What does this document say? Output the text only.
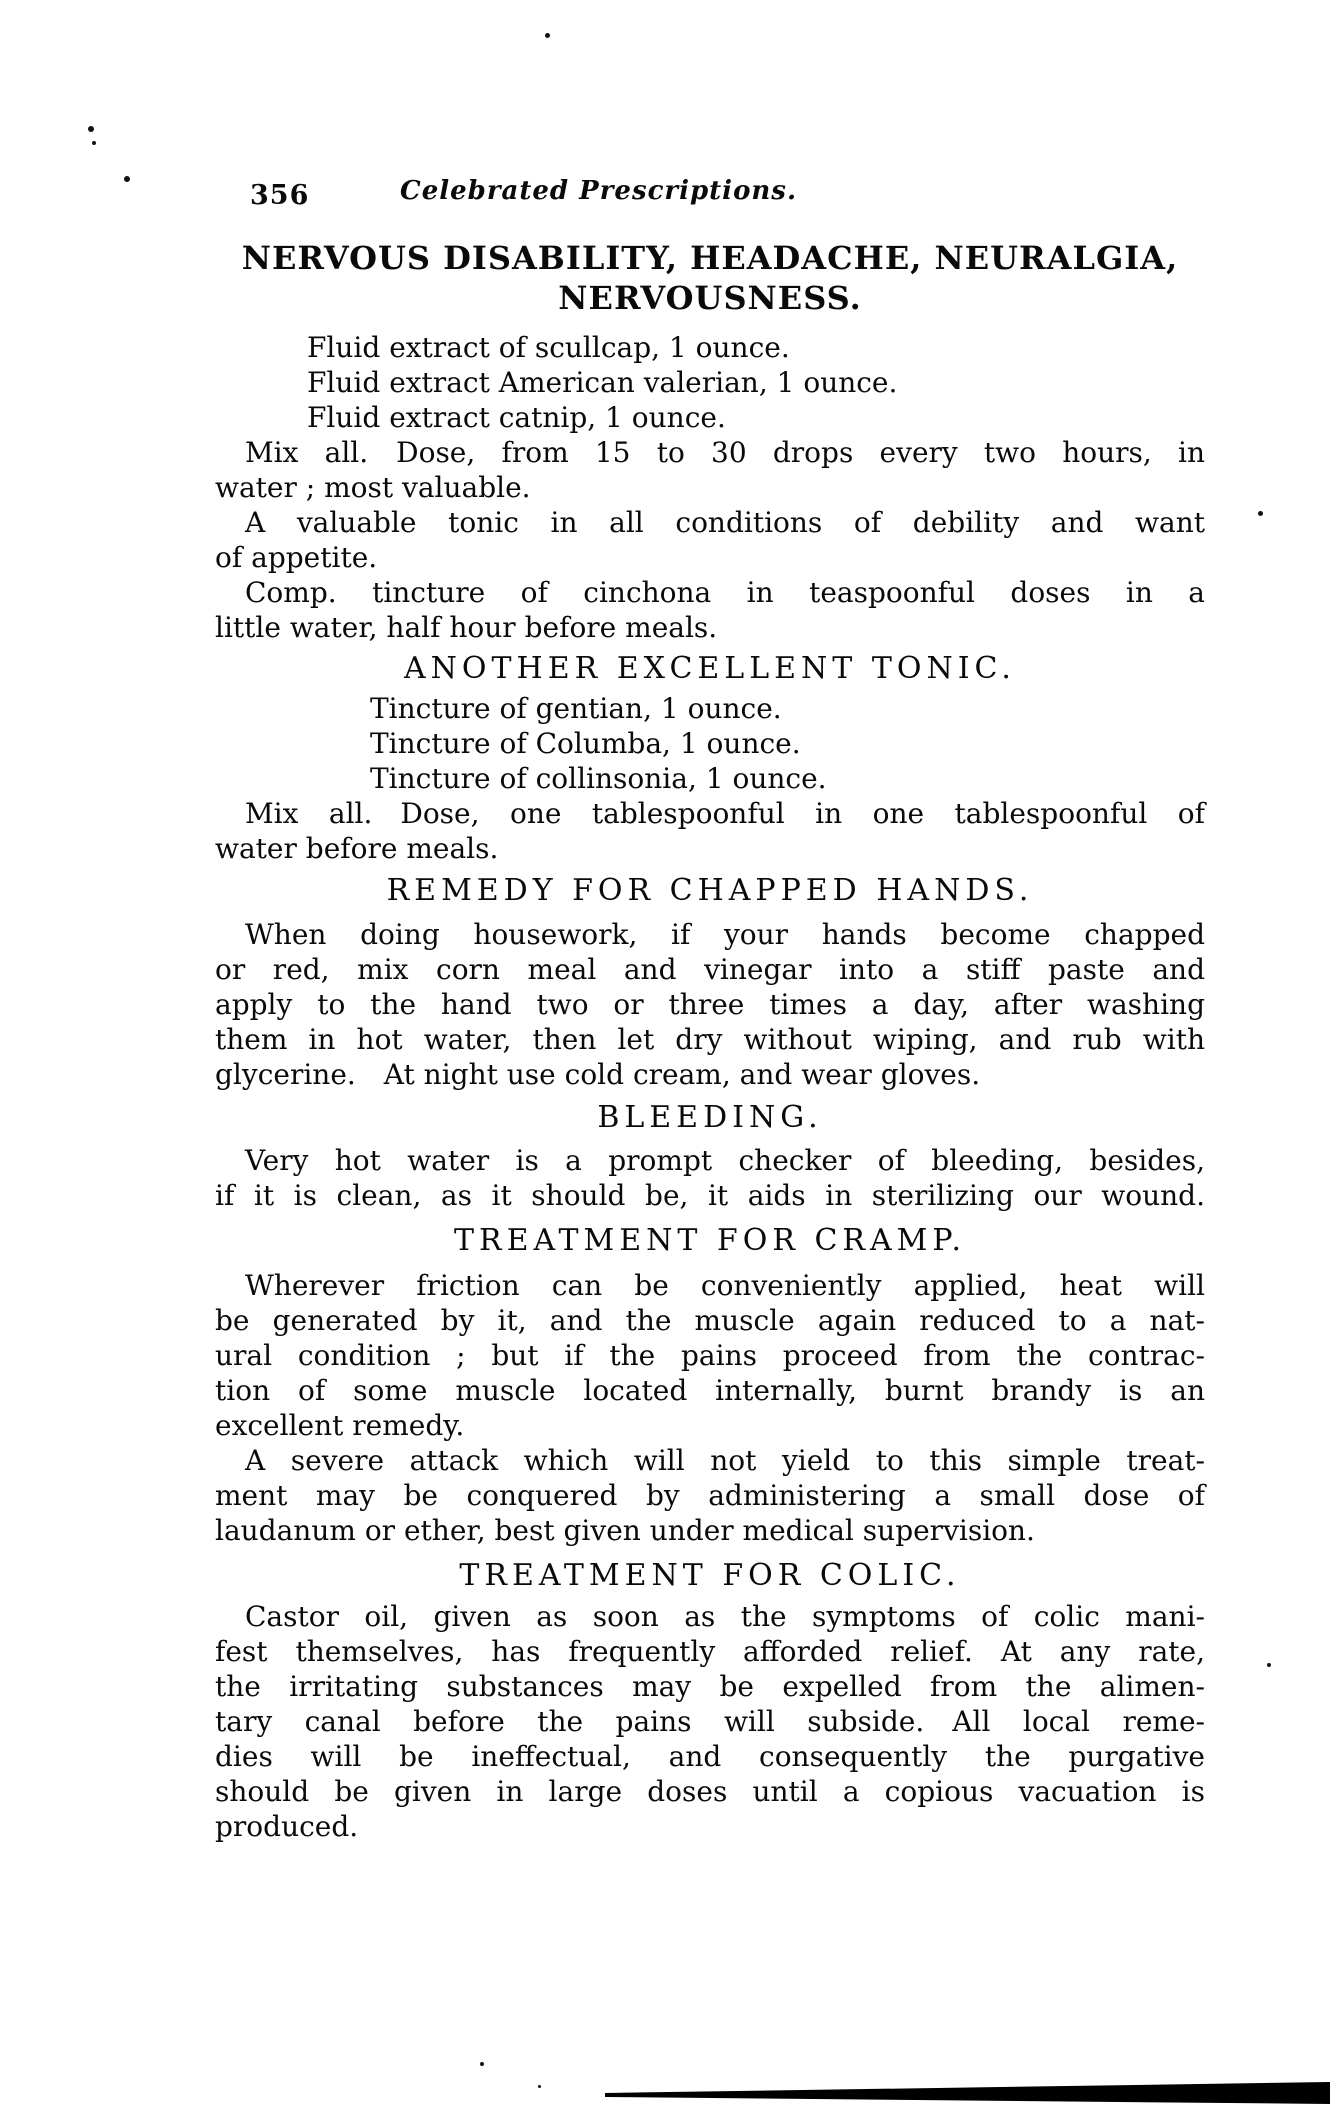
356	Celebrated Prescriptions.
NERVOUS DISABILITY, HEADACHE, NEURALGIA,
NERVOUSNESS.
Fluid extract of scullcap, 1 ounce.
Fluid extract American valerian, 1 ounce.
Fluid extract catnip, 1 ounce.
Mix all. Dose, from 15 to 30 drops every two hours, in
water ; most valuable.
A valuable tonic in all conditions of debility and want
of appetite.
Comp. tincture of cinchona in teaspoonful doses in a
little water, half hour before meals.
ANOTHER EXCELLENT TONIC.
Tincture of gentian, 1 ounce.
Tincture of Columba, 1 ounce.
Tincture of collinsonia, 1 ounce.
Mix all. Dose, one tablespoonful in one tablespoonful of
water before meals.
REMEDY FOR CHAPPED HANDS.
When doing housework, if your hands become chapped
or red, mix corn meal and vinegar into a stiff paste and
apply to the hand two or three times a day, after washing
them in hot water, then let dry without wiping, and rub with
glycerine. At night use cold cream, and wear gloves.
BLEEDING.
Very hot water is a prompt checker of bleeding, besides,
if it is clean, as it should be, it aids in sterilizing our wound.
TREATMENT FOR CRAMP.
Wherever friction can be conveniently applied, heat will
be generated by it, and the muscle again reduced to a nat-
ural condition ; but if the pains proceed from the contrac-
tion of some muscle located internally, burnt brandy is an
excellent remedy.
A severe attack which will not yield to this simple treat-
ment may be conquered by administering a small dose of
laudanum or ether, best given under medical supervision.
TREATMENT FOR COLIC.
Castor oil, given as soon as the symptoms of colic mani-
fest themselves, has frequently afforded relief. At any rate,
the irritating substances may be expelled from the alimen-
tary canal before the pains will subside. All local reme-
dies will be ineffectual, and consequently the purgative
should be given in large doses until a copious vacuation is
produced.
